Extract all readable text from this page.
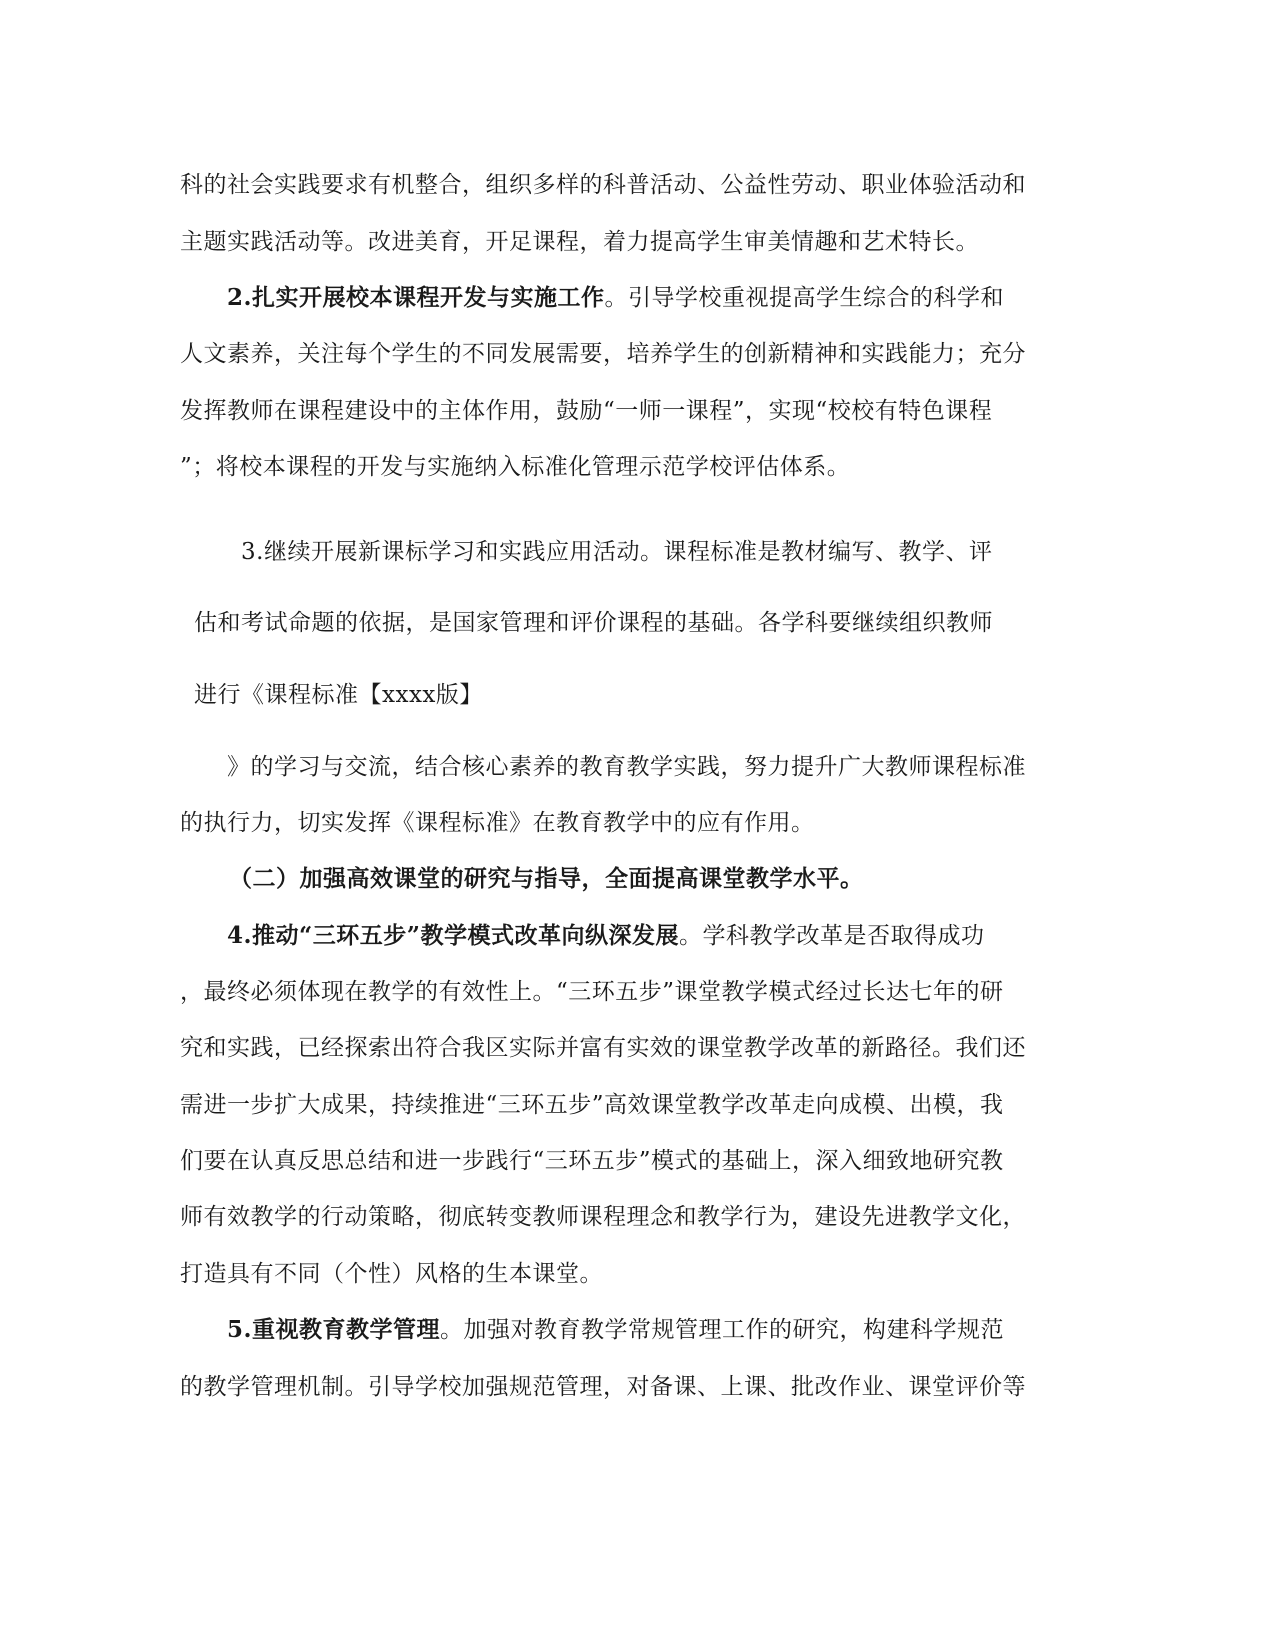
科的社会实践要求有机整合，组织多样的科普活动、公益性劳动、职业体验活动和
主题实践活动等。改进美育，开足课程，着力提高学生审美情趣和艺术特长。
2.扎实开展校本课程开发与实施工作。引导学校重视提高学生综合的科学和
人文素养，关注每个学生的不同发展需要，培养学生的创新精神和实践能力；充分
发挥教师在课程建设中的主体作用，鼓励“一师一课程”，实现“校校有特色课程
”；将校本课程的开发与实施纳入标准化管理示范学校评估体系。
3.继续开展新课标学习和实践应用活动。课程标准是教材编写、教学、评
估和考试命题的依据，是国家管理和评价课程的基础。各学科要继续组织教师
进行《课程标准【xxxx版】
》的学习与交流，结合核心素养的教育教学实践，努力提升广大教师课程标准
的执行力，切实发挥《课程标准》在教育教学中的应有作用。
（二）加强高效课堂的研究与指导，全面提高课堂教学水平。
4.推动“三环五步”教学模式改革向纵深发展。学科教学改革是否取得成功
，最终必须体现在教学的有效性上。“三环五步”课堂教学模式经过长达七年的研
究和实践，已经探索出符合我区实际并富有实效的课堂教学改革的新路径。我们还
需进一步扩大成果，持续推进“三环五步”高效课堂教学改革走向成模、出模，我
们要在认真反思总结和进一步践行“三环五步”模式的基础上，深入细致地研究教
师有效教学的行动策略，彻底转变教师课程理念和教学行为，建设先进教学文化，
打造具有不同（个性）风格的生本课堂。
5.重视教育教学管理。加强对教育教学常规管理工作的研究，构建科学规范
的教学管理机制。引导学校加强规范管理，对备课、上课、批改作业、课堂评价等
